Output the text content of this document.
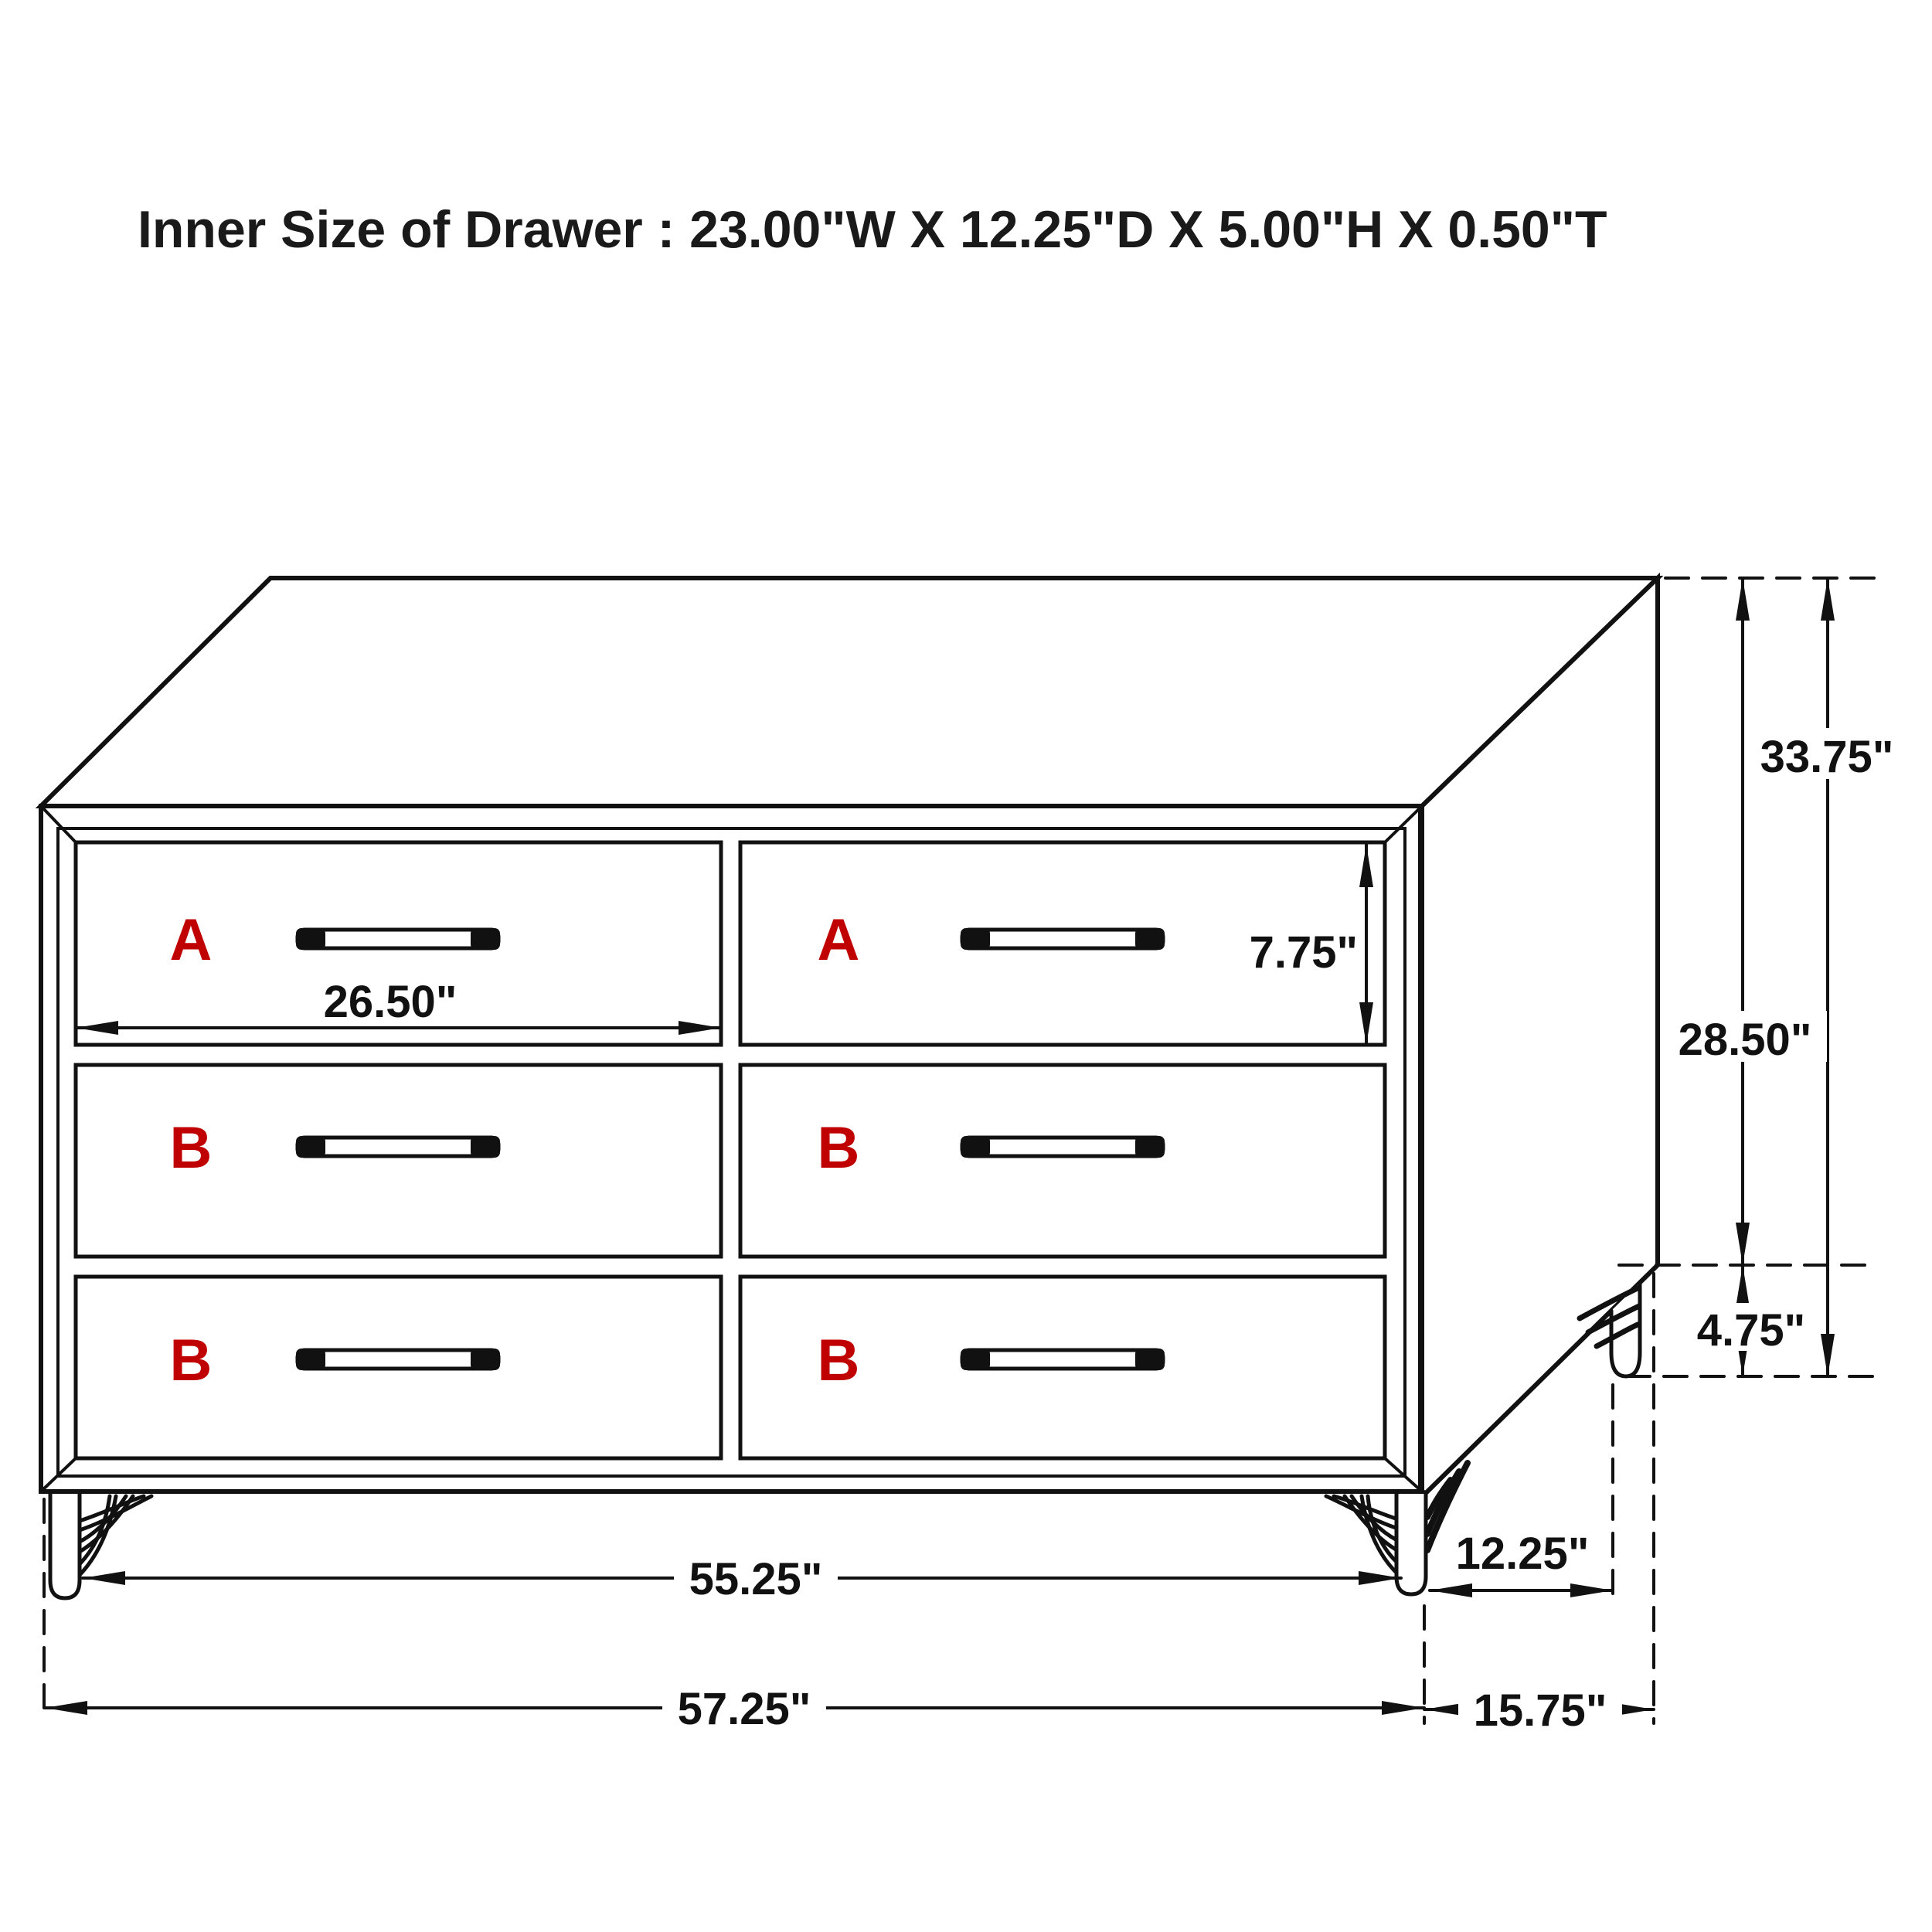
Inner Size of Drawer : 23.00"W X 12.25"D X 5.00"H X 0.50"T
26.50"
7.75"
55.25"
12.25"
57.25"	15.75"
28.50"
33.75"
4.75"
A	A
B	B
B	B
